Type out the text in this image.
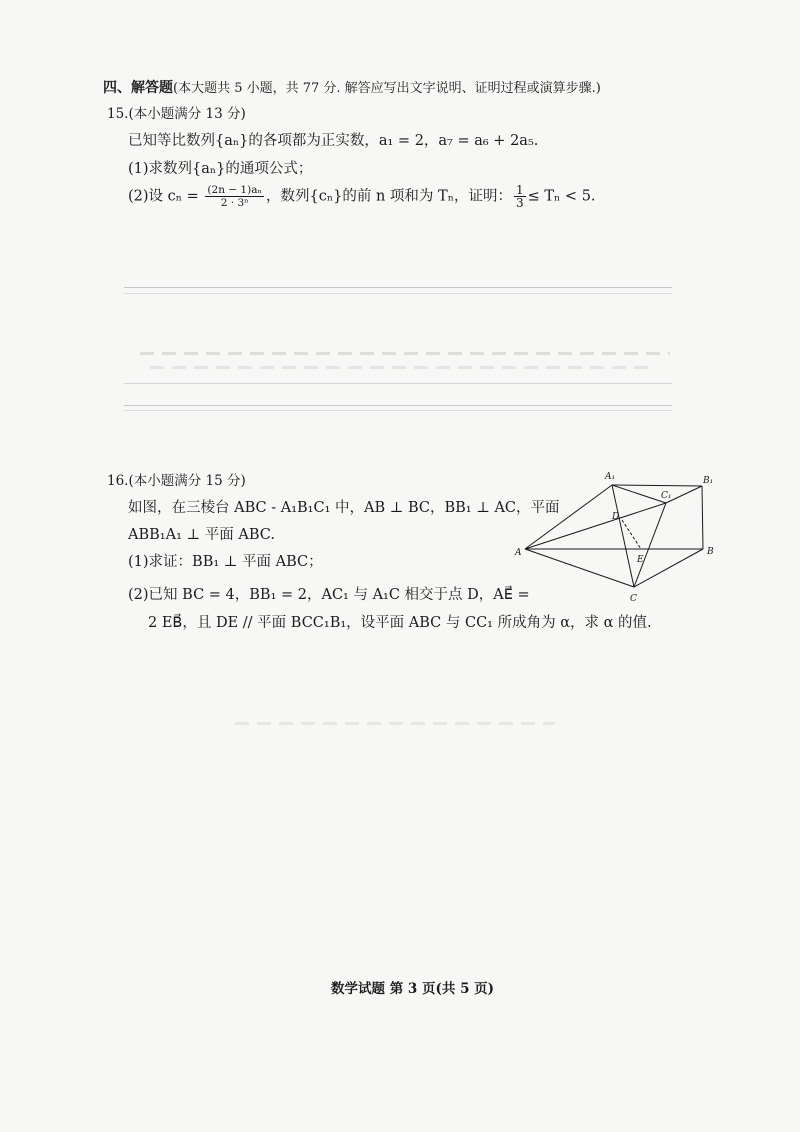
四、解答题(本大题共 5 小题，共 77 分. 解答应写出文字说明、证明过程或演算步骤.)
15.(本小题满分 13 分)
已知等比数列{aₙ}的各项都为正实数，a₁ = 2，a₇ = a₆ + 2a₅.
(1)求数列{aₙ}的通项公式；
(2)设 $c_n = \frac{\text{(2n − 1)aₙ}}{\text{2 · 3ⁿ}}$ ，数列{cₙ}的前 n 项和为 Tₙ，证明： $\frac{1}{3} \le T_n < 5$.
16.(本小题满分 15 分)
如图，在三棱台 ABC - A₁B₁C₁ 中，AB ⊥ BC，BB₁ ⊥ AC，平面
ABB₁A₁ ⊥ 平面 ABC.
(1)求证：BB₁ ⊥ 平面 ABC；
(2)已知 BC = 4，BB₁ = 2，AC₁ 与 A₁C 相交于点 D，AE⃗ =
2 EB⃗，且 DE // 平面 BCC₁B₁，设平面 ABC 与 CC₁ 所成角为 α，求 α 的值.
A₁	B₁
C₁
D
A
E
B
C
数学试题 第 3 页(共 5 页)
